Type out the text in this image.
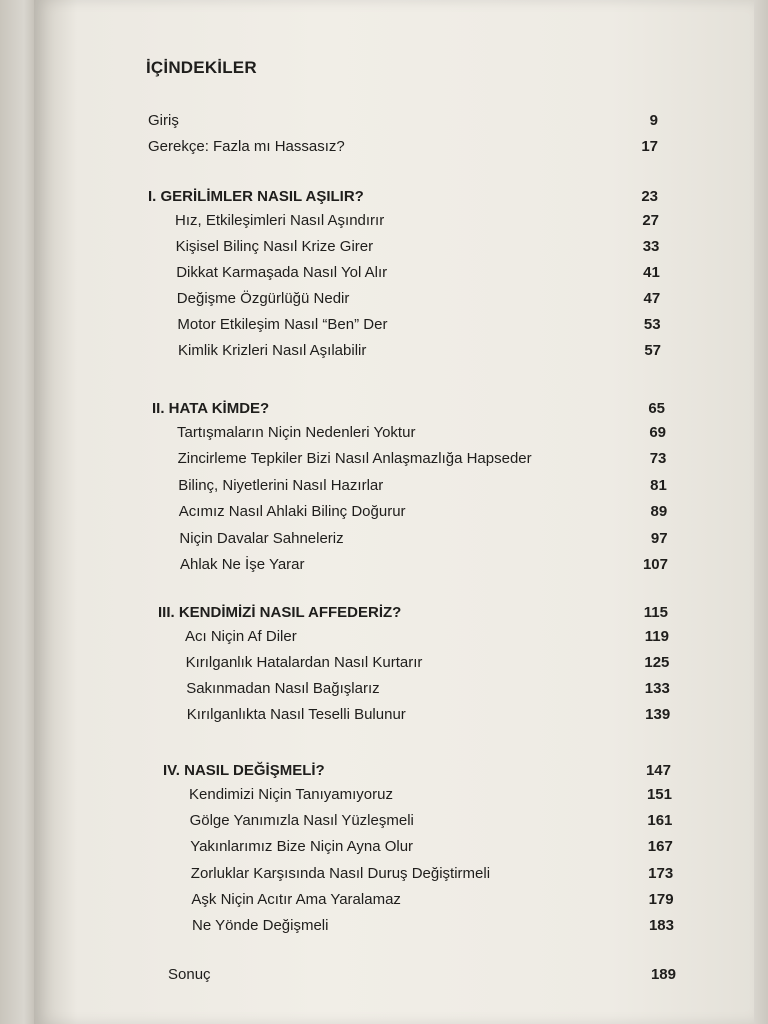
İÇİNDEKİLER
Giriş	9
Gerekçe: Fazla mı Hassasız?	17
I. GERİLİMLER NASIL AŞILIR?	23
Hız, Etkileşimleri Nasıl Aşındırır	27
Kişisel Bilinç Nasıl Krize Girer	33
Dikkat Karmaşada Nasıl Yol Alır	41
Değişme Özgürlüğü Nedir	47
Motor Etkileşim Nasıl “Ben” Der	53
Kimlik Krizleri Nasıl Aşılabilir	57
II. HATA KİMDE?	65
Tartışmaların Niçin Nedenleri Yoktur	69
Zincirleme Tepkiler Bizi Nasıl Anlaşmazlığa Hapseder	73
Bilinç, Niyetlerini Nasıl Hazırlar	81
Acımız Nasıl Ahlaki Bilinç Doğurur	89
Niçin Davalar Sahneleriz	97
Ahlak Ne İşe Yarar	107
III. KENDİMİZİ NASIL AFFEDERİZ?	115
Acı Niçin Af Diler	119
Kırılganlık Hatalardan Nasıl Kurtarır	125
Sakınmadan Nasıl Bağışlarız	133
Kırılganlıkta Nasıl Teselli Bulunur	139
IV. NASIL DEĞİŞMELİ?	147
Kendimizi Niçin Tanıyamıyoruz	151
Gölge Yanımızla Nasıl Yüzleşmeli	161
Yakınlarımız Bize Niçin Ayna Olur	167
Zorluklar Karşısında Nasıl Duruş Değiştirmeli	173
Aşk Niçin Acıtır Ama Yaralamaz	179
Ne Yönde Değişmeli	183
Sonuç	189
